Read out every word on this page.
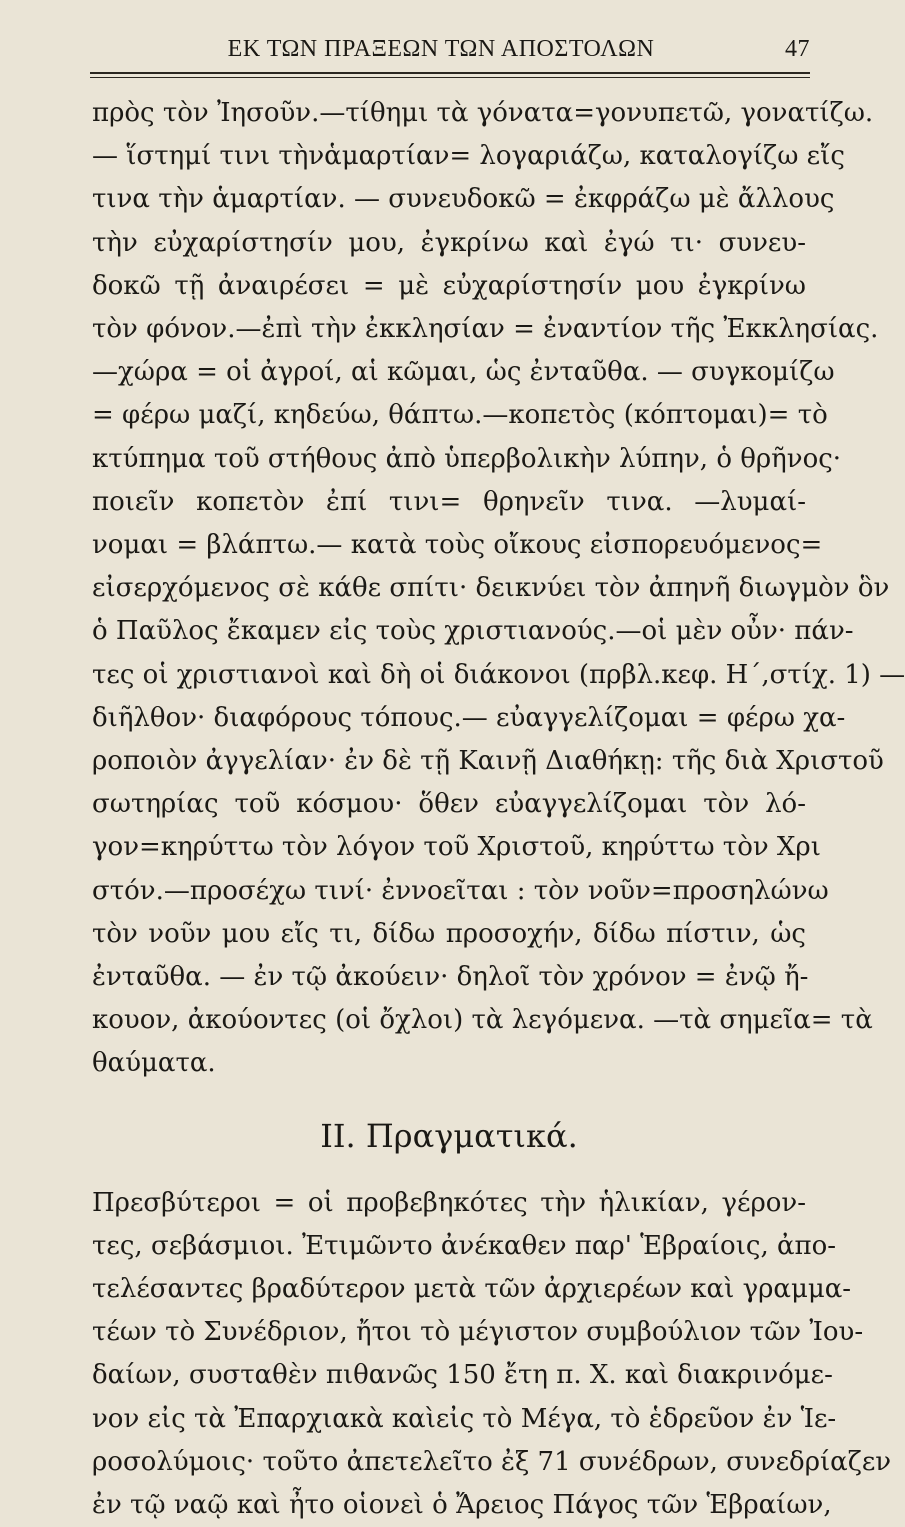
ΕΚ ΤΩΝ ΠΡΑΞΕΩΝ ΤΩΝ ΑΠΟΣΤΟΛΩΝ	47
πρὸς τὸν Ἰησοῦν.—τίθημι τὰ γόνατα=γονυπετῶ, γονατίζω.
— ἵστημί τινι τὴνἁμαρτίαν= λογαριάζω, καταλογίζω εἴς
τινα τὴν ἁμαρτίαν. — συνευδοκῶ = ἐκφράζω μὲ ἄλλους
τὴν εὐχαρίστησίν μου, ἐγκρίνω καὶ ἐγώ τι· συνευ-
δοκῶ τῇ ἀναιρέσει = μὲ εὐχαρίστησίν μου ἐγκρίνω
τὸν φόνον.—ἐπὶ τὴν ἐκκλησίαν = ἐναντίον τῆς Ἐκκλησίας.
—χώρα = οἱ ἀγροί, αἱ κῶμαι, ὡς ἐνταῦθα. — συγκομίζω
= φέρω μαζί, κηδεύω, θάπτω.—κοπετὸς (κόπτομαι)= τὸ
κτύπημα τοῦ στήθους ἀπὸ ὑπερβολικὴν λύπην, ὁ θρῆνος·
ποιεῖν κοπετὸν ἐπί τινι= θρηνεῖν τινα. —λυμαί-
νομαι = βλάπτω.— κατὰ τοὺς οἴκους εἰσπορευόμενος=
εἰσερχόμενος σὲ κάθε σπίτι· δεικνύει τὸν ἀπηνῆ διωγμὸν ὃν
ὁ Παῦλος ἔκαμεν εἰς τοὺς χριστιανούς.—οἱ μὲν οὖν· πάν-
τες οἱ χριστιανοὶ καὶ δὴ οἱ διάκονοι (πρβλ.κεφ. Η´,στίχ. 1) —
διῆλθον· διαφόρους τόπους.— εὐαγγελίζομαι = φέρω χα-
ροποιὸν ἀγγελίαν· ἐν δὲ τῇ Καινῇ Διαθήκῃ: τῆς διὰ Χριστοῦ
σωτηρίας τοῦ κόσμου· ὅθεν εὐαγγελίζομαι τὸν λό-
γον=κηρύττω τὸν λόγον τοῦ Χριστοῦ, κηρύττω τὸν Χρι
στόν.—προσέχω τινί· ἐννοεῖται : τὸν νοῦν=προσηλώνω
τὸν νοῦν μου εἴς τι, δίδω προσοχήν, δίδω πίστιν, ὡς
ἐνταῦθα. — ἐν τῷ ἀκούειν· δηλοῖ τὸν χρόνον = ἐνῷ ἤ-
κουον, ἀκούοντες (οἱ ὄχλοι) τὰ λεγόμενα. —τὰ σημεῖα= τὰ
θαύματα.
ΙΙ. Πραγματικά.
Πρεσβύτεροι = οἱ προβεβηκότες τὴν ἡλικίαν, γέρον-
τες, σεβάσμιοι. Ἐτιμῶντο ἀνέκαθεν παρ' Ἑβραίοις, ἀπο-
τελέσαντες βραδύτερον μετὰ τῶν ἀρχιερέων καὶ γραμμα-
τέων τὸ Συνέδριον, ἤτοι τὸ μέγιστον συμβούλιον τῶν Ἰου-
δαίων, συσταθὲν πιθανῶς 150 ἔτη π. Χ. καὶ διακρινόμε-
νον εἰς τὰ Ἐπαρχιακὰ καὶεἰς τὸ Μέγα, τὸ ἑδρεῦον ἐν Ἱε-
ροσολύμοις· τοῦτο ἀπετελεῖτο ἐξ 71 συνέδρων, συνεδρίαζεν
ἐν τῷ ναῷ καὶ ἦτο οἱονεὶ ὁ Ἄρειος Πάγος τῶν Ἑβραίων,
